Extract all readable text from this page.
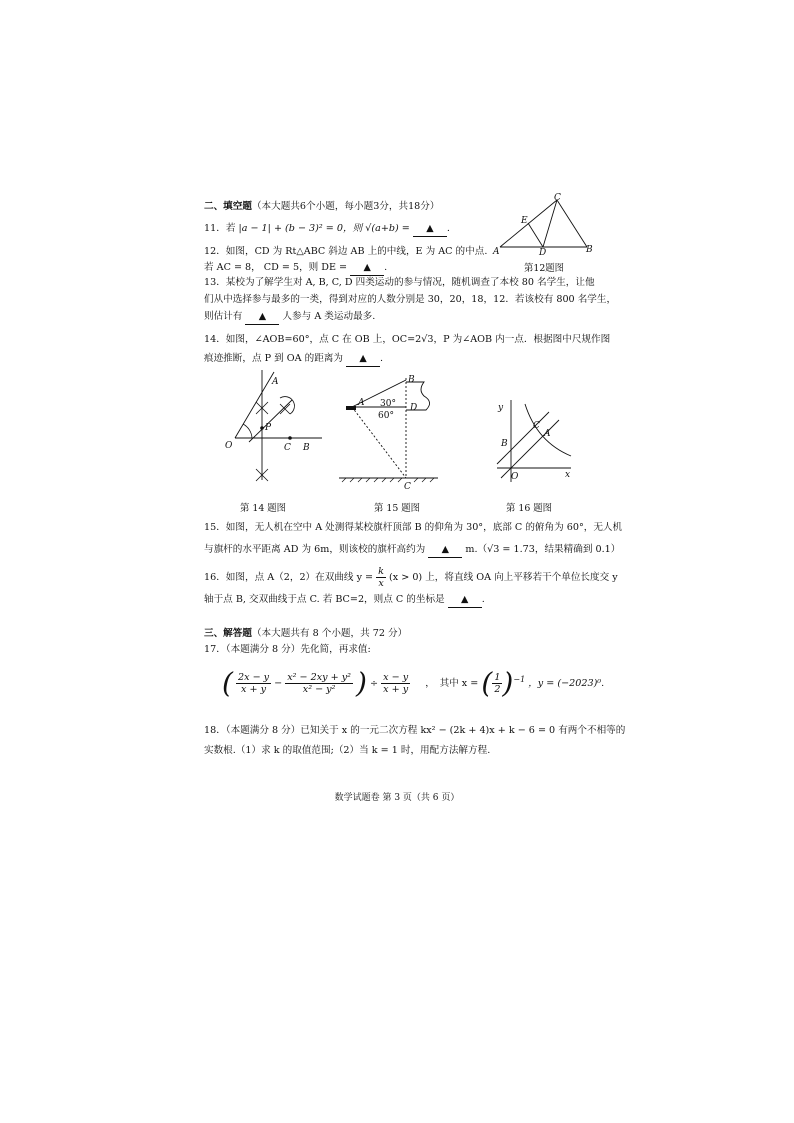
二、填空题（本大题共6个小题，每小题3分，共18分）
11．若 |a − 1| + (b − 3)² = 0，则 √(a+b) = ▲ .
12．如图，CD 为 Rt△ABC 斜边 AB 上的中线，E 为 AC 的中点.
若 AC = 8， CD = 5，则 DE = ▲ .
C
E
A	D	B
第12题图
13．某校为了解学生对 A, B, C, D 四类运动的参与情况，随机调查了本校 80 名学生，让他
们从中选择参与最多的一类，得到对应的人数分别是 30，20，18，12．若该校有 800 名学生，
则估计有 ▲ 人参与 A 类运动最多.
14．如图，∠AOB=60°，点 C 在 OB 上，OC=2√3，P 为∠AOB 内一点．根据图中尺规作图
痕迹推断，点 P 到 OA 的距离为 ▲ .
A
P
O	C B
第 14 题图
B
A	D
30°
60°
C
第 15 题图
y
C
A
B
O	x
第 16 题图
15．如图，无人机在空中 A 处测得某校旗杆顶部 B 的仰角为 30°，底部 C 的俯角为 60°，无人机
与旗杆的水平距离 AD 为 6m，则该校的旗杆高约为 ▲ m.（√3 = 1.73，结果精确到 0.1）
16．如图，点 A（2，2）在双曲线 $y = \frac{k}{x} (x > 0)$ 上，将直线 OA 向上平移若干个单位长度交 y
轴于点 B, 交双曲线于点 C. 若 BC=2，则点 C 的坐标是 ▲ .
三、解答题（本大题共有 8 个小题，共 72 分）
17．（本题满分 8 分）先化简，再求值:
( $\frac{2x - y}{x + y} - \frac{\text{x² − 2xy + y²}}{\text{x² − y²}}$ ) ÷ $\frac{x - y}{x + y}$ ，　其中 x = ( $\frac{1}{2} )^{-1}$ ，y = (−2023)⁰.
18．（本题满分 8 分）已知关于 x 的一元二次方程 kx² − (2k + 4)x + k − 6 = 0 有两个不相等的
实数根.（1）求 k 的取值范围;（2）当 k = 1 时，用配方法解方程.
数学试题卷 第 3 页（共 6 页）
